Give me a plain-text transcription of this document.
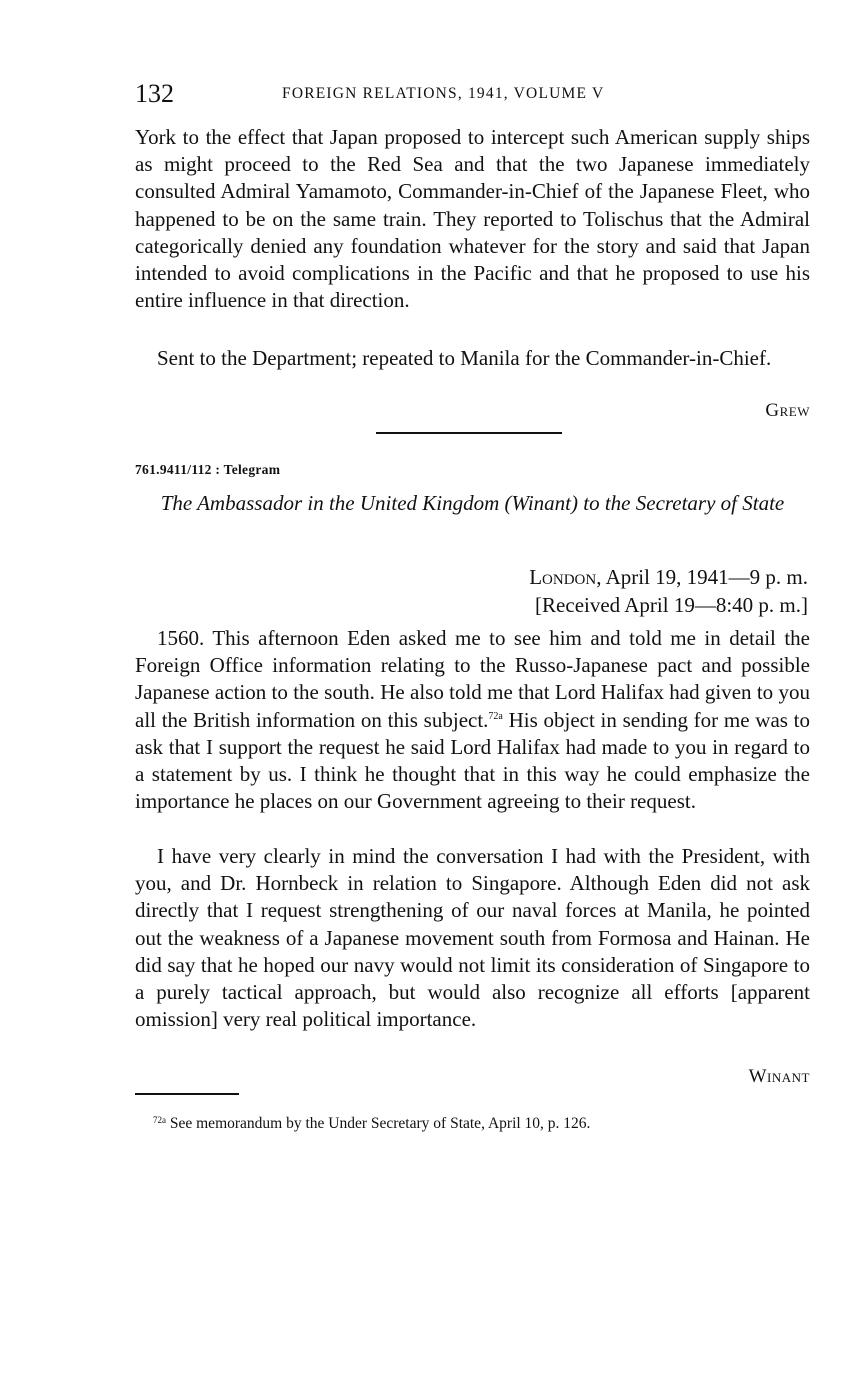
132	FOREIGN RELATIONS, 1941, VOLUME V

York to the effect that Japan proposed to intercept such American supply ships as might proceed to the Red Sea and that the two Japanese immediately consulted Admiral Yamamoto, Commander-in-Chief of the Japanese Fleet, who happened to be on the same train. They reported to Tolischus that the Admiral categorically denied any foundation whatever for the story and said that Japan intended to avoid complications in the Pacific and that he proposed to use his entire influence in that direction.

Sent to the Department; repeated to Manila for the Commander-in-Chief.

Grew
761.9411/112 : Telegram

The Ambassador in the United Kingdom (Winant) to the Secretary of State

London, April 19, 1941—9 p. m.
[Received April 19—8:40 p. m.]

1560. This afternoon Eden asked me to see him and told me in detail the Foreign Office information relating to the Russo-Japanese pact and possible Japanese action to the south. He also told me that Lord Halifax had given to you all the British information on this subject.$^{72a}$ His object in sending for me was to ask that I support the request he said Lord Halifax had made to you in regard to a statement by us. I think he thought that in this way he could emphasize the importance he places on our Government agreeing to their request.

I have very clearly in mind the conversation I had with the President, with you, and Dr. Hornbeck in relation to Singapore. Although Eden did not ask directly that I request strengthening of our naval forces at Manila, he pointed out the weakness of a Japanese movement south from Formosa and Hainan. He did say that he hoped our navy would not limit its consideration of Singapore to a purely tactical approach, but would also recognize all efforts [apparent omission] very real political importance.

Winant
$^{72a}$ See memorandum by the Under Secretary of State, April 10, p. 126.
